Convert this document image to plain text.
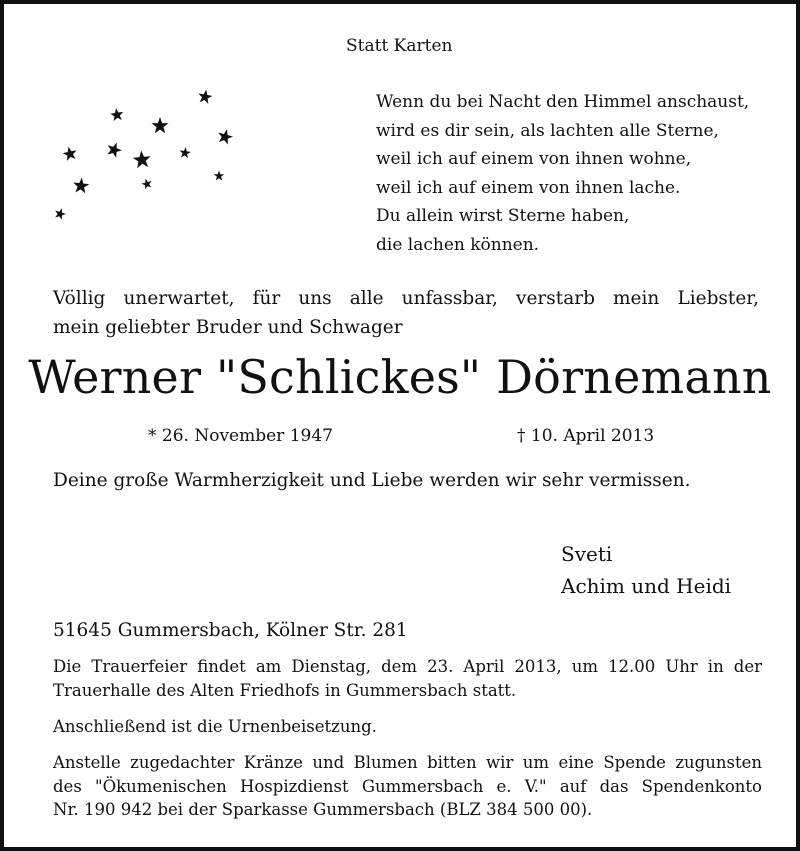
Statt Karten
Wenn du bei Nacht den Himmel anschaust,
wird es dir sein, als lachten alle Sterne,
weil ich auf einem von ihnen wohne,
weil ich auf einem von ihnen lache.
Du allein wirst Sterne haben,
die lachen können.
Völlig unerwartet, für uns alle unfassbar, verstarb mein Liebster,
mein geliebter Bruder und Schwager
Werner "Schlickes" Dörnemann
* 26. November 1947	† 10. April 2013
Deine große Warmherzigkeit und Liebe werden wir sehr vermissen.
Sveti
Achim und Heidi
51645 Gummersbach, Kölner Str. 281
Die Trauerfeier findet am Dienstag, dem 23. April 2013, um 12.00 Uhr in der
Trauerhalle des Alten Friedhofs in Gummersbach statt.
Anschließend ist die Urnenbeisetzung.
Anstelle zugedachter Kränze und Blumen bitten wir um eine Spende zugunsten
des "Ökumenischen Hospizdienst Gummersbach e. V." auf das Spendenkonto
Nr. 190 942 bei der Sparkasse Gummersbach (BLZ 384 500 00).
